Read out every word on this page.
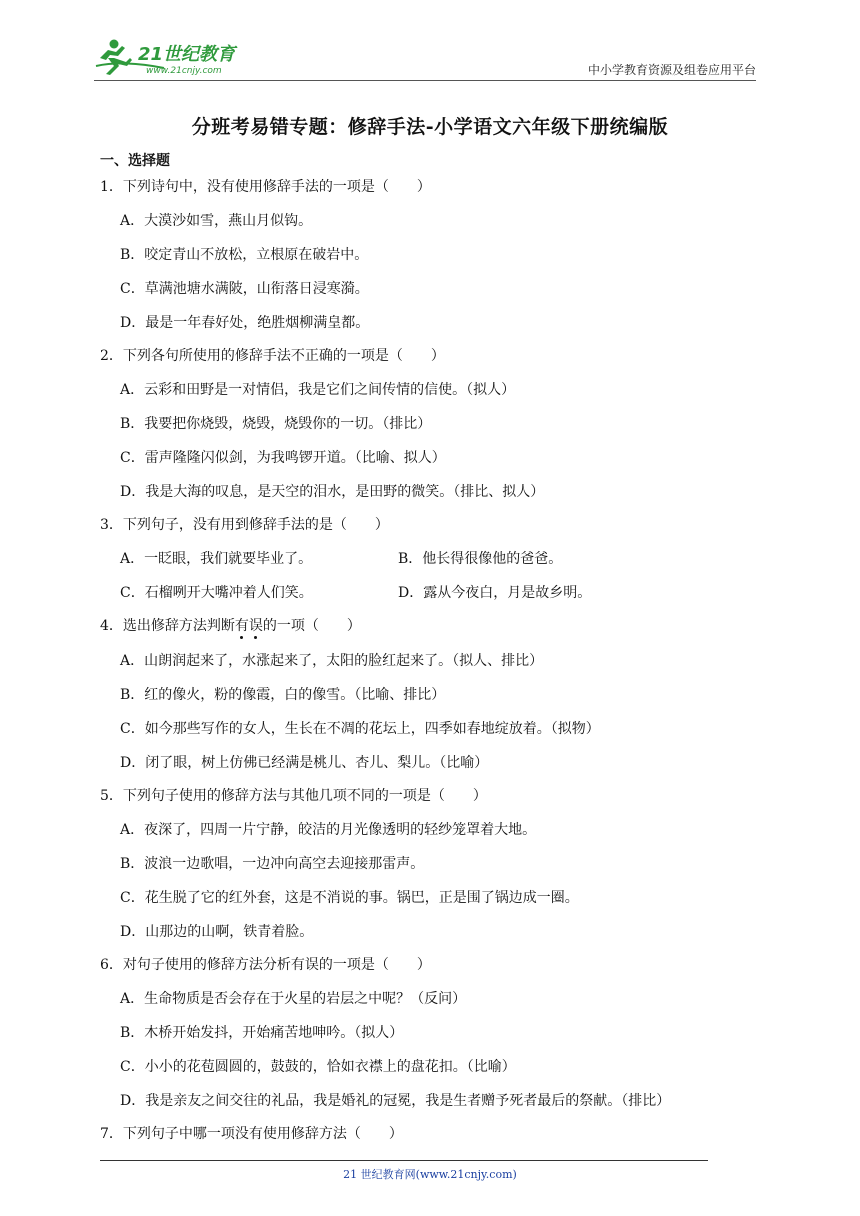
21世纪教育
www.21cnjy.com	中小学教育资源及组卷应用平台
分班考易错专题：修辞手法-小学语文六年级下册统编版
一、选择题
1．下列诗句中，没有使用修辞手法的一项是（　　）
A．大漠沙如雪，燕山月似钩。
B．咬定青山不放松，立根原在破岩中。
C．草满池塘水满陂，山衔落日浸寒漪。
D．最是一年春好处，绝胜烟柳满皇都。
2．下列各句所使用的修辞手法不正确的一项是（　　）
A．云彩和田野是一对情侣，我是它们之间传情的信使。（拟人）
B．我要把你烧毁，烧毁，烧毁你的一切。（排比）
C．雷声隆隆闪似剑，为我鸣锣开道。（比喻、拟人）
D．我是大海的叹息，是天空的泪水，是田野的微笑。（排比、拟人）
3．下列句子，没有用到修辞手法的是（　　）
A．一眨眼，我们就要毕业了。	B．他长得很像他的爸爸。
C．石榴咧开大嘴冲着人们笑。	D．露从今夜白，月是故乡明。
4．选出修辞方法判断有误的一项（　　）
A．山朗润起来了，水涨起来了，太阳的脸红起来了。（拟人、排比）
B．红的像火，粉的像霞，白的像雪。（比喻、排比）
C．如今那些写作的女人，生长在不凋的花坛上，四季如春地绽放着。（拟物）
D．闭了眼，树上仿佛已经满是桃儿、杏儿、梨儿。（比喻）
5．下列句子使用的修辞方法与其他几项不同的一项是（　　）
A．夜深了，四周一片宁静，皎洁的月光像透明的轻纱笼罩着大地。
B．波浪一边歌唱，一边冲向高空去迎接那雷声。
C．花生脱了它的红外套，这是不消说的事。锅巴，正是围了锅边成一圈。
D．山那边的山啊，铁青着脸。
6．对句子使用的修辞方法分析有误的一项是（　　）
A．生命物质是否会存在于火星的岩层之中呢？（反问）
B．木桥开始发抖，开始痛苦地呻吟。（拟人）
C．小小的花苞圆圆的，鼓鼓的，恰如衣襟上的盘花扣。（比喻）
D．我是亲友之间交往的礼品，我是婚礼的冠冕，我是生者赠予死者最后的祭献。（排比）
7．下列句子中哪一项没有使用修辞方法（　　）
21 世纪教育网(www.21cnjy.com)
